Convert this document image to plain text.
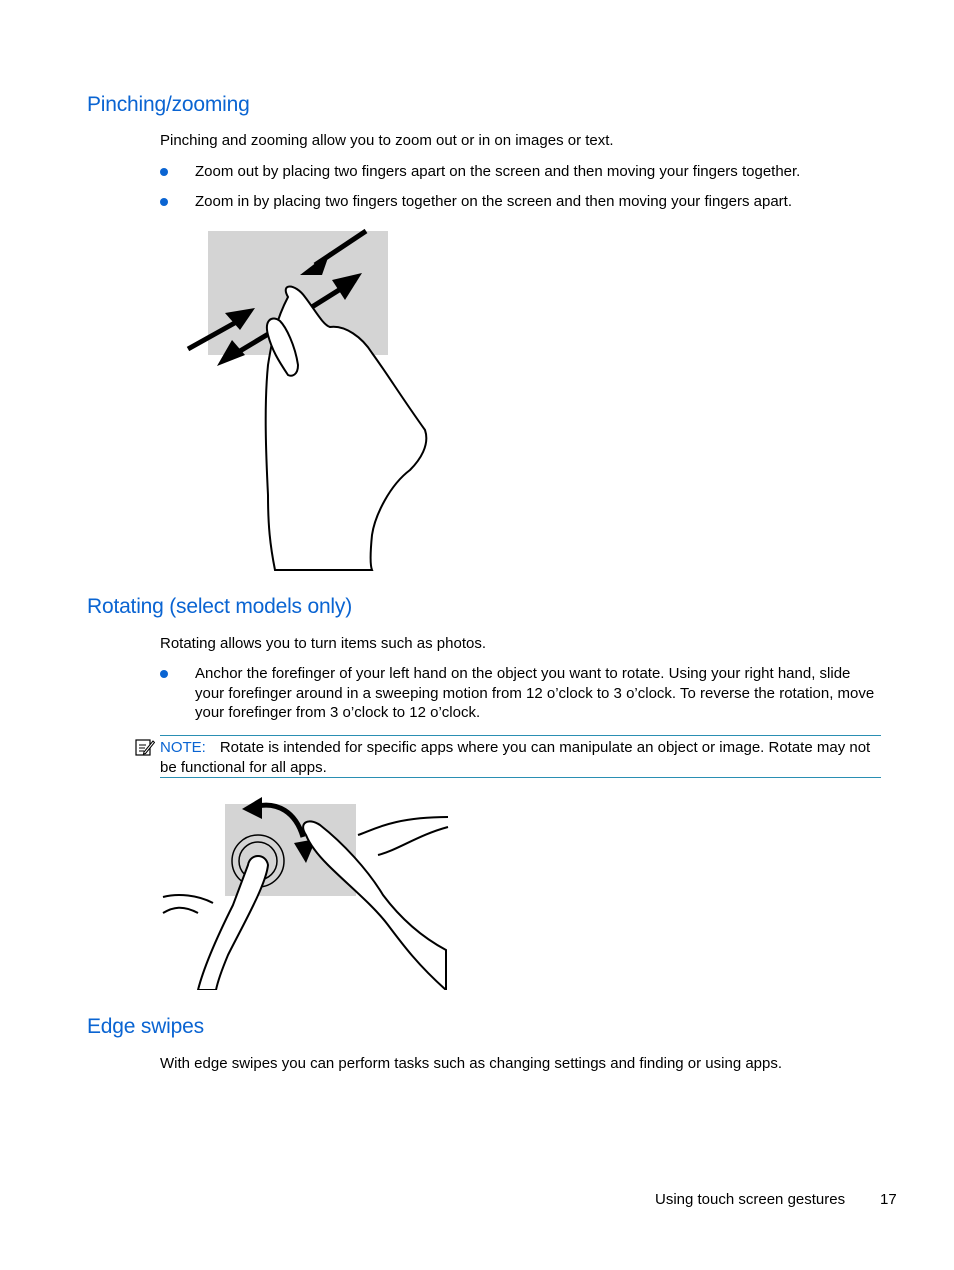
Pinching/zooming

Pinching and zooming allow you to zoom out or in on images or text.

Zoom out by placing two fingers apart on the screen and then moving your fingers together.

Zoom in by placing two fingers together on the screen and then moving your fingers apart.

Rotating (select models only)

Rotating allows you to turn items such as photos.

Anchor the forefinger of your left hand on the object you want to rotate. Using your right hand, slide your forefinger around in a sweeping motion from 12 o’clock to 3 o’clock. To reverse the rotation, move your forefinger from 3 o’clock to 12 o’clock.

NOTE: Rotate is intended for specific apps where you can manipulate an object or image. Rotate may not be functional for all apps.

Edge swipes

With edge swipes you can perform tasks such as changing settings and finding or using apps.

Using touch screen gestures 17
